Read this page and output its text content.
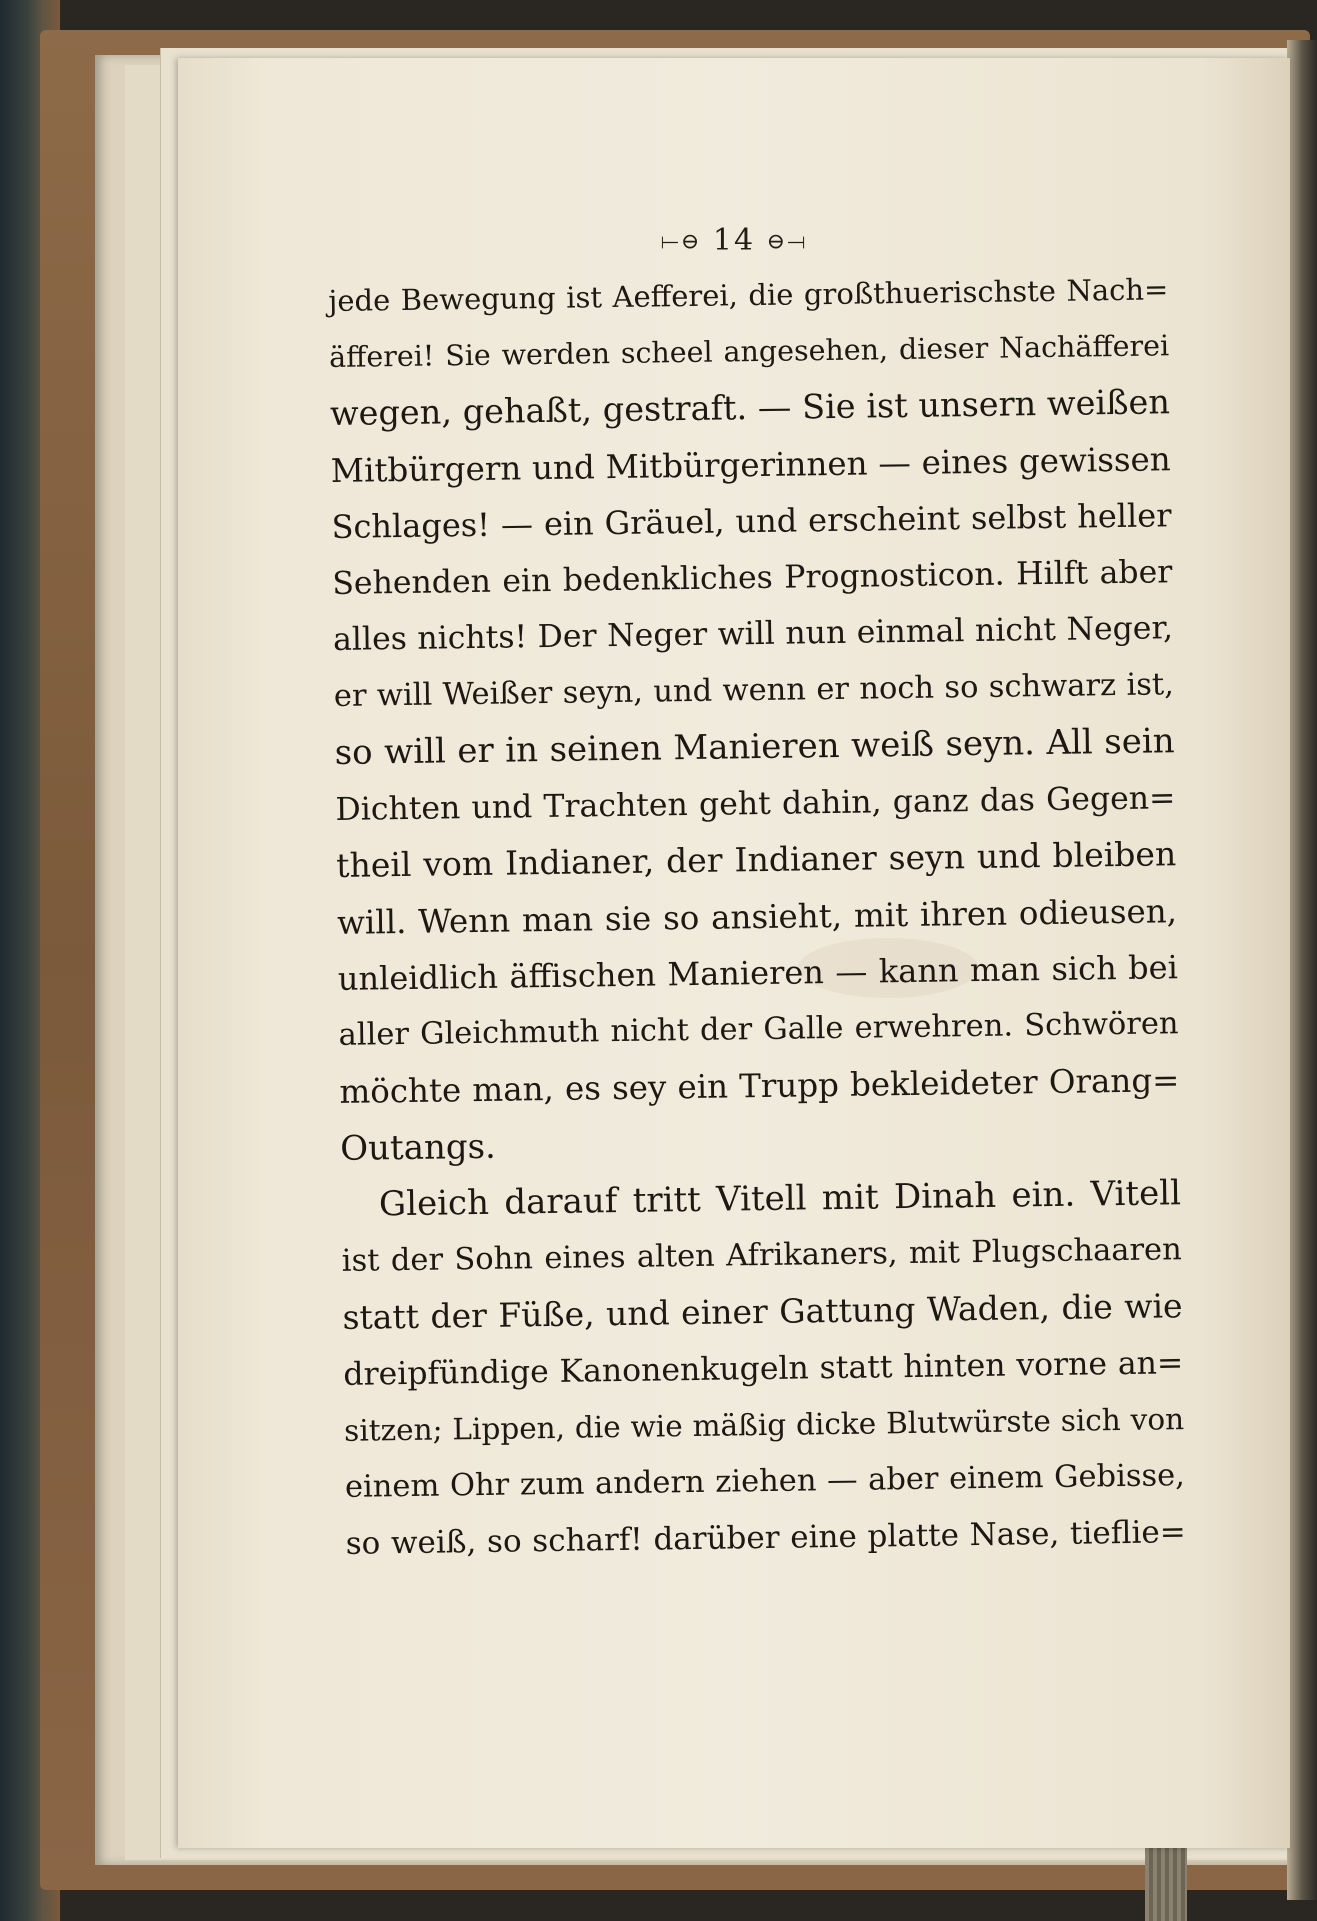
⟝⊖ 14 ⊖⟞
jede Bewegung ist Aefferei, die großthuerischste Nach=
äfferei! Sie werden scheel angesehen, dieser Nachäfferei
wegen, gehaßt, gestraft. — Sie ist unsern weißen
Mitbürgern und Mitbürgerinnen — eines gewissen
Schlages! — ein Gräuel, und erscheint selbst heller
Sehenden ein bedenkliches Prognosticon. Hilft aber
alles nichts! Der Neger will nun einmal nicht Neger,
er will Weißer seyn, und wenn er noch so schwarz ist,
so will er in seinen Manieren weiß seyn. All sein
Dichten und Trachten geht dahin, ganz das Gegen=
theil vom Indianer, der Indianer seyn und bleiben
will. Wenn man sie so ansieht, mit ihren odieusen,
unleidlich äffischen Manieren — kann man sich bei
aller Gleichmuth nicht der Galle erwehren. Schwören
möchte man, es sey ein Trupp bekleideter Orang=
Outangs.
Gleich darauf tritt Vitell mit Dinah ein. Vitell
ist der Sohn eines alten Afrikaners, mit Plugschaaren
statt der Füße, und einer Gattung Waden, die wie
dreipfündige Kanonenkugeln statt hinten vorne an=
sitzen; Lippen, die wie mäßig dicke Blutwürste sich von
einem Ohr zum andern ziehen — aber einem Gebisse,
so weiß, so scharf! darüber eine platte Nase, tieflie=
